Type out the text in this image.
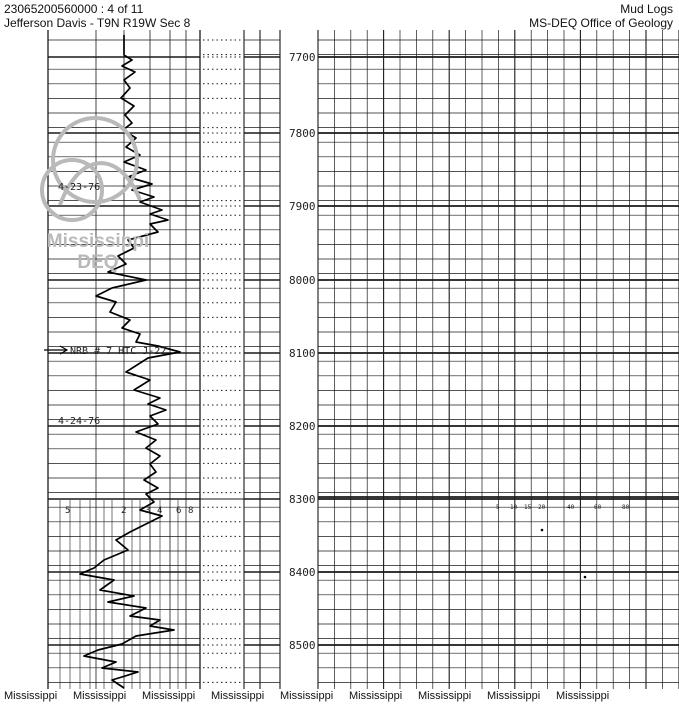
23065200560000 : 4 of 11
Jefferson Davis - T9N R19W Sec 8
Mud Logs
MS-DEQ Office of Geology
Mississippi
DEQ
7700
7800
7900
8000
8100
8200
8300
8400
8500
4-23-76
4-24-76
NRB # 7 HTC J-22
5	2 3 4 6 8	5 10 15 20	40	60	80
Mississippi Mississippi Mississippi Mississippi Mississippi Mississippi Mississippi Mississippi Mississippi
